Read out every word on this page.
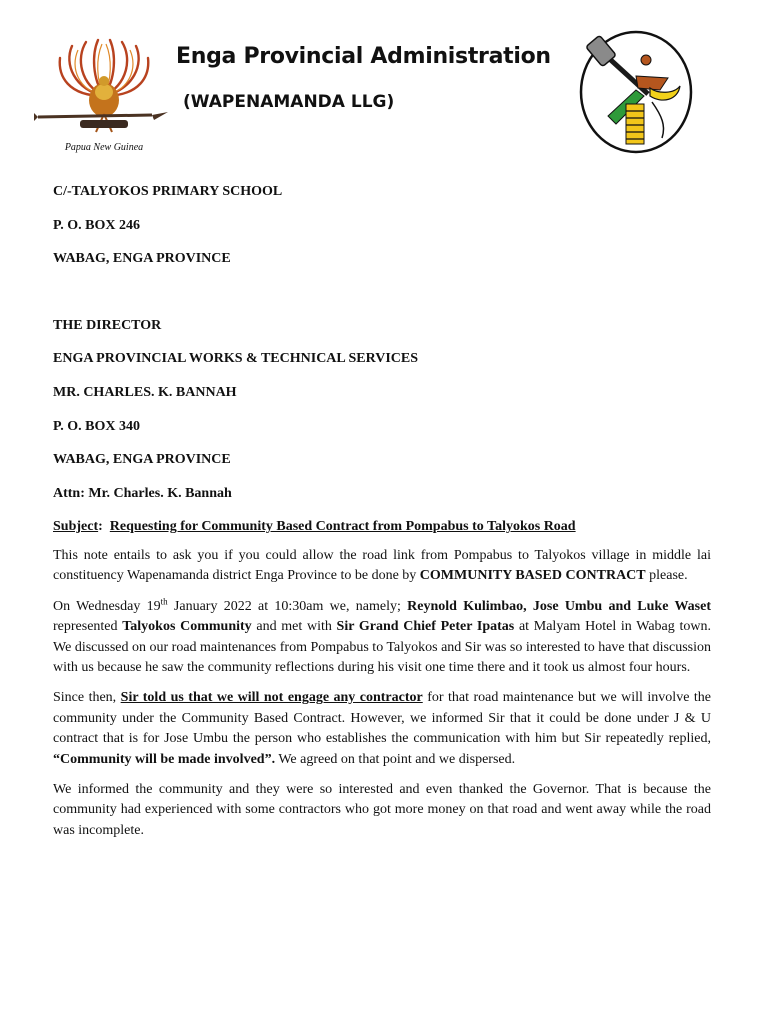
Enga Provincial Administration
(WAPENAMANDA LLG)
Papua New Guinea

C/-TALYOKOS PRIMARY SCHOOL

P. O. BOX 246

WABAG, ENGA PROVINCE

THE DIRECTOR

ENGA PROVINCIAL WORKS & TECHNICAL SERVICES

MR. CHARLES. K. BANNAH

P. O. BOX 340

WABAG, ENGA PROVINCE

Attn: Mr. Charles. K. Bannah

Subject: Requesting for Community Based Contract from Pompabus to Talyokos Road

This note entails to ask you if you could allow the road link from Pompabus to Talyokos village in middle lai constituency Wapenamanda district Enga Province to be done by COMMUNITY BASED CONTRACT please.

On Wednesday 19th January 2022 at 10:30am we, namely; Reynold Kulimbao, Jose Umbu and Luke Waset represented Talyokos Community and met with Sir Grand Chief Peter Ipatas at Malyam Hotel in Wabag town. We discussed on our road maintenances from Pompabus to Talyokos and Sir was so interested to have that discussion with us because he saw the community reflections during his visit one time there and it took us almost four hours.

Since then, Sir told us that we will not engage any contractor for that road maintenance but we will involve the community under the Community Based Contract. However, we informed Sir that it could be done under J & U contract that is for Jose Umbu the person who establishes the communication with him but Sir repeatedly replied, “Community will be made involved”. We agreed on that point and we dispersed.

We informed the community and they were so interested and even thanked the Governor. That is because the community had experienced with some contractors who got more money on that road and went away while the road was incomplete.
